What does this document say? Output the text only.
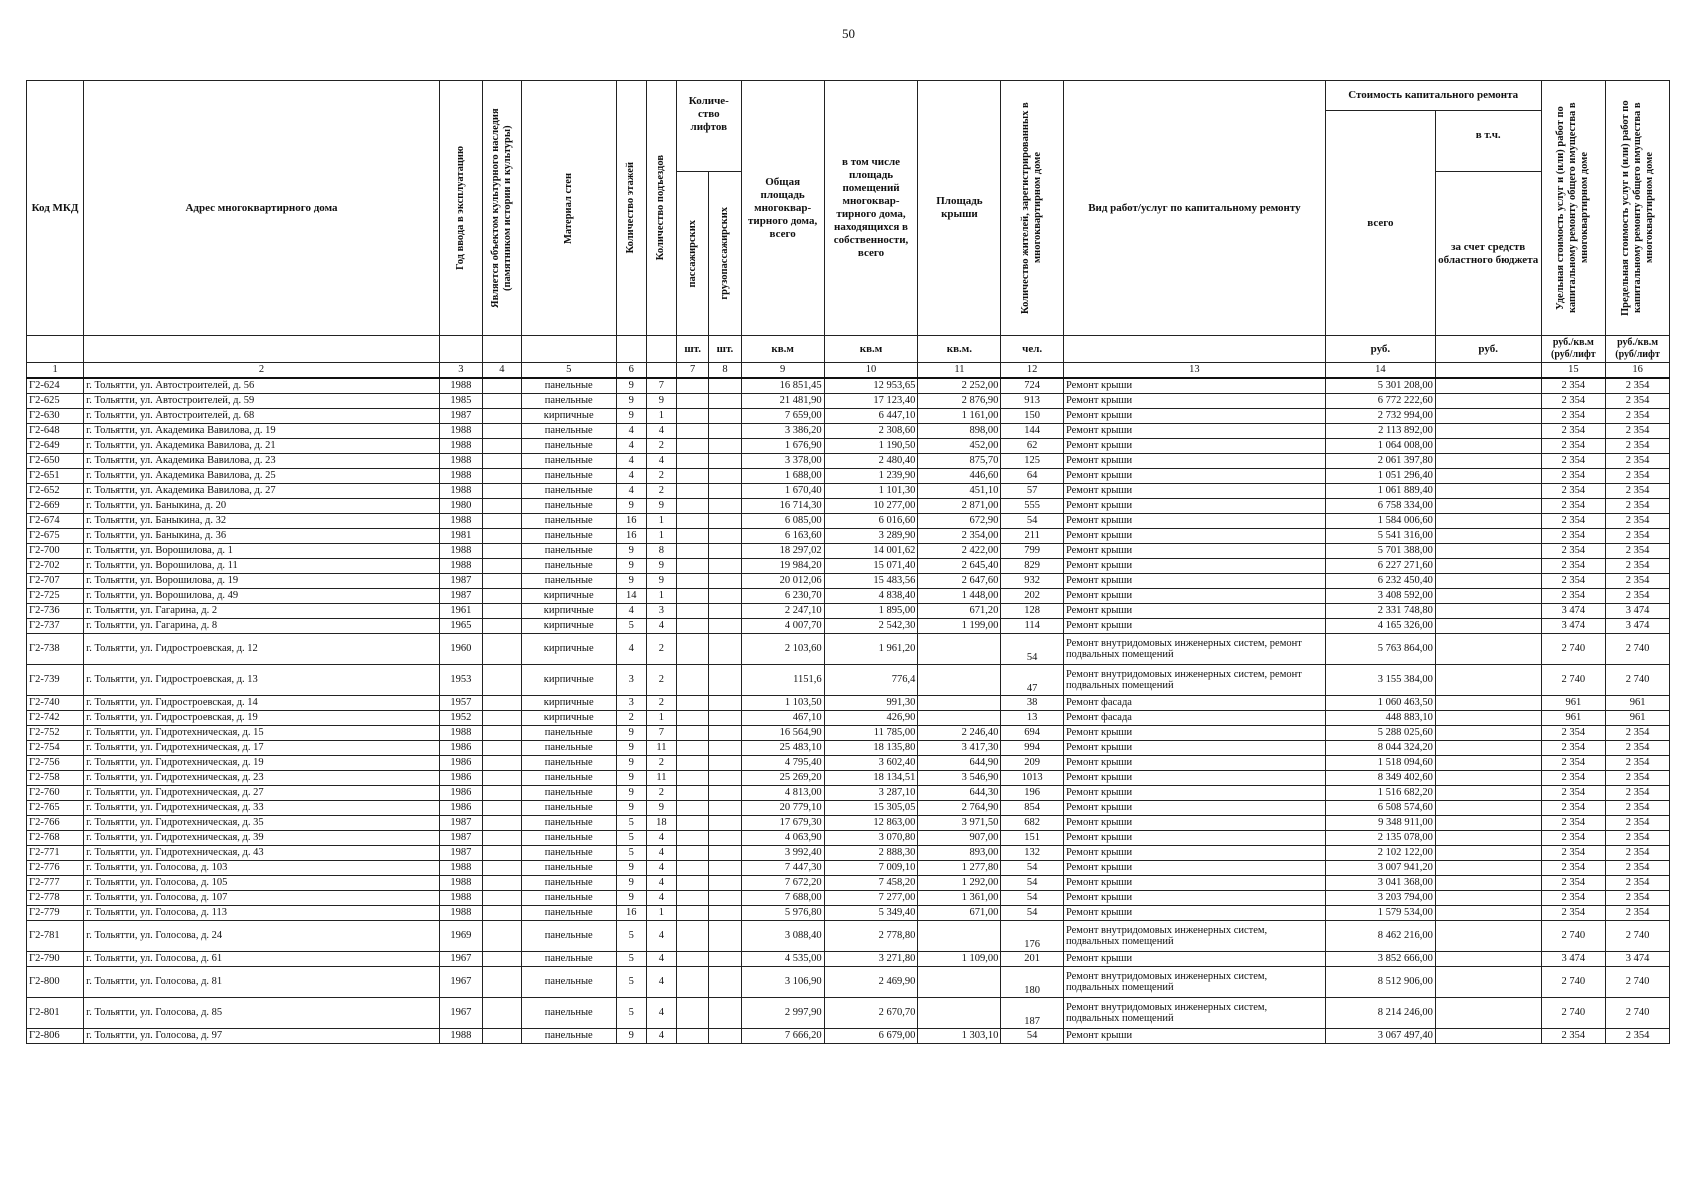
50
Код МКД	Адрес многоквартирного дома	Год ввода в эксплуатацию	Является объектом культурного наследия (памятником истории и культуры)	Материал стен	Количество этажей	Количество подъездов	Количе-ство лифтов		Общая площадь многоквар-тирного дома, всего	в том числе площадь помещений многоквар-тирного дома, находящихся в собственности, всего	Площадь крыши	Количество жителей, зарегистрированных в многоквартирном доме	Вид работ/услуг по капитальному ремонту	Стоимость капитального ремонта		Удельная стоимость услуг и (или) работ по капитальному ремонту общего имущества в многоквартирном доме	Предельная стоимость услуг и (или) работ по капитальному ремонту общего имущества в многоквартирном доме

														всего	в т.ч.		

							пассажирских	грузопассажирских							за счет средств областного бюджета		
							шт.	шт.	кв.м	кв.м	кв.м.	чел.		руб.	руб.	руб./кв.м (руб/лифт	руб./кв.м (руб/лифт
1	2	3	4	5	6		7	8	9	10	11	12	13	14		15	16
Г2-624	г. Тольятти, ул. Автостроителей, д. 56	1988		панельные	9	7			16 851,45	12 953,65	2 252,00	724	Ремонт крыши	5 301 208,00		2 354	2 354
Г2-625	г. Тольятти, ул. Автостроителей, д. 59	1985		панельные	9	9			21 481,90	17 123,40	2 876,90	913	Ремонт крыши	6 772 222,60		2 354	2 354
Г2-630	г. Тольятти, ул. Автостроителей, д. 68	1987		кирпичные	9	1			7 659,00	6 447,10	1 161,00	150	Ремонт крыши	2 732 994,00		2 354	2 354
Г2-648	г. Тольятти, ул. Академика Вавилова, д. 19	1988		панельные	4	4			3 386,20	2 308,60	898,00	144	Ремонт крыши	2 113 892,00		2 354	2 354
Г2-649	г. Тольятти, ул. Академика Вавилова, д. 21	1988		панельные	4	2			1 676,90	1 190,50	452,00	62	Ремонт крыши	1 064 008,00		2 354	2 354
Г2-650	г. Тольятти, ул. Академика Вавилова, д. 23	1988		панельные	4	4			3 378,00	2 480,40	875,70	125	Ремонт крыши	2 061 397,80		2 354	2 354
Г2-651	г. Тольятти, ул. Академика Вавилова, д. 25	1988		панельные	4	2			1 688,00	1 239,90	446,60	64	Ремонт крыши	1 051 296,40		2 354	2 354
Г2-652	г. Тольятти, ул. Академика Вавилова, д. 27	1988		панельные	4	2			1 670,40	1 101,30	451,10	57	Ремонт крыши	1 061 889,40		2 354	2 354
Г2-669	г. Тольятти, ул. Баныкина, д. 20	1980		панельные	9	9			16 714,30	10 277,00	2 871,00	555	Ремонт крыши	6 758 334,00		2 354	2 354
Г2-674	г. Тольятти, ул. Баныкина, д. 32	1988		панельные	16	1			6 085,00	6 016,60	672,90	54	Ремонт крыши	1 584 006,60		2 354	2 354
Г2-675	г. Тольятти, ул. Баныкина, д. 36	1981		панельные	16	1			6 163,60	3 289,90	2 354,00	211	Ремонт крыши	5 541 316,00		2 354	2 354
Г2-700	г. Тольятти, ул. Ворошилова, д. 1	1988		панельные	9	8			18 297,02	14 001,62	2 422,00	799	Ремонт крыши	5 701 388,00		2 354	2 354
Г2-702	г. Тольятти, ул. Ворошилова, д. 11	1988		панельные	9	9			19 984,20	15 071,40	2 645,40	829	Ремонт крыши	6 227 271,60		2 354	2 354
Г2-707	г. Тольятти, ул. Ворошилова, д. 19	1987		панельные	9	9			20 012,06	15 483,56	2 647,60	932	Ремонт крыши	6 232 450,40		2 354	2 354
Г2-725	г. Тольятти, ул. Ворошилова, д. 49	1987		кирпичные	14	1			6 230,70	4 838,40	1 448,00	202	Ремонт крыши	3 408 592,00		2 354	2 354
Г2-736	г. Тольятти, ул. Гагарина, д. 2	1961		кирпичные	4	3			2 247,10	1 895,00	671,20	128	Ремонт крыши	2 331 748,80		3 474	3 474
Г2-737	г. Тольятти, ул. Гагарина, д. 8	1965		кирпичные	5	4			4 007,70	2 542,30	1 199,00	114	Ремонт крыши	4 165 326,00		3 474	3 474
Г2-738	г. Тольятти, ул. Гидростроевская, д. 12	1960		кирпичные	4	2			2 103,60	1 961,20		54	Ремонт внутридомовых инженерных систем, ремонт подвальных помещений	5 763 864,00		2 740	2 740
Г2-739	г. Тольятти, ул. Гидростроевская, д. 13	1953		кирпичные	3	2			1151,6	776,4		47	Ремонт внутридомовых инженерных систем, ремонт подвальных помещений	3 155 384,00		2 740	2 740
Г2-740	г. Тольятти, ул. Гидростроевская, д. 14	1957		кирпичные	3	2			1 103,50	991,30		38	Ремонт фасада	1 060 463,50		961	961
Г2-742	г. Тольятти, ул. Гидростроевская, д. 19	1952		кирпичные	2	1			467,10	426,90		13	Ремонт фасада	448 883,10		961	961
Г2-752	г. Тольятти, ул. Гидротехническая, д. 15	1988		панельные	9	7			16 564,90	11 785,00	2 246,40	694	Ремонт крыши	5 288 025,60		2 354	2 354
Г2-754	г. Тольятти, ул. Гидротехническая, д. 17	1986		панельные	9	11			25 483,10	18 135,80	3 417,30	994	Ремонт крыши	8 044 324,20		2 354	2 354
Г2-756	г. Тольятти, ул. Гидротехническая, д. 19	1986		панельные	9	2			4 795,40	3 602,40	644,90	209	Ремонт крыши	1 518 094,60		2 354	2 354
Г2-758	г. Тольятти, ул. Гидротехническая, д. 23	1986		панельные	9	11			25 269,20	18 134,51	3 546,90	1013	Ремонт крыши	8 349 402,60		2 354	2 354
Г2-760	г. Тольятти, ул. Гидротехническая, д. 27	1986		панельные	9	2			4 813,00	3 287,10	644,30	196	Ремонт крыши	1 516 682,20		2 354	2 354
Г2-765	г. Тольятти, ул. Гидротехническая, д. 33	1986		панельные	9	9			20 779,10	15 305,05	2 764,90	854	Ремонт крыши	6 508 574,60		2 354	2 354
Г2-766	г. Тольятти, ул. Гидротехническая, д. 35	1987		панельные	5	18			17 679,30	12 863,00	3 971,50	682	Ремонт крыши	9 348 911,00		2 354	2 354
Г2-768	г. Тольятти, ул. Гидротехническая, д. 39	1987		панельные	5	4			4 063,90	3 070,80	907,00	151	Ремонт крыши	2 135 078,00		2 354	2 354
Г2-771	г. Тольятти, ул. Гидротехническая, д. 43	1987		панельные	5	4			3 992,40	2 888,30	893,00	132	Ремонт крыши	2 102 122,00		2 354	2 354
Г2-776	г. Тольятти, ул. Голосова, д. 103	1988		панельные	9	4			7 447,30	7 009,10	1 277,80	54	Ремонт крыши	3 007 941,20		2 354	2 354
Г2-777	г. Тольятти, ул. Голосова, д. 105	1988		панельные	9	4			7 672,20	7 458,20	1 292,00	54	Ремонт крыши	3 041 368,00		2 354	2 354
Г2-778	г. Тольятти, ул. Голосова, д. 107	1988		панельные	9	4			7 688,00	7 277,00	1 361,00	54	Ремонт крыши	3 203 794,00		2 354	2 354
Г2-779	г. Тольятти, ул. Голосова, д. 113	1988		панельные	16	1			5 976,80	5 349,40	671,00	54	Ремонт крыши	1 579 534,00		2 354	2 354
Г2-781	г. Тольятти, ул. Голосова, д. 24	1969		панельные	5	4			3 088,40	2 778,80		176	Ремонт внутридомовых инженерных систем, подвальных помещений	8 462 216,00		2 740	2 740
Г2-790	г. Тольятти, ул. Голосова, д. 61	1967		панельные	5	4			4 535,00	3 271,80	1 109,00	201	Ремонт крыши	3 852 666,00		3 474	3 474
Г2-800	г. Тольятти, ул. Голосова, д. 81	1967		панельные	5	4			3 106,90	2 469,90		180	Ремонт внутридомовых инженерных систем, подвальных помещений	8 512 906,00		2 740	2 740
Г2-801	г. Тольятти, ул. Голосова, д. 85	1967		панельные	5	4			2 997,90	2 670,70		187	Ремонт внутридомовых инженерных систем, подвальных помещений	8 214 246,00		2 740	2 740
Г2-806	г. Тольятти, ул. Голосова, д. 97	1988		панельные	9	4			7 666,20	6 679,00	1 303,10	54	Ремонт крыши	3 067 497,40		2 354	2 354
